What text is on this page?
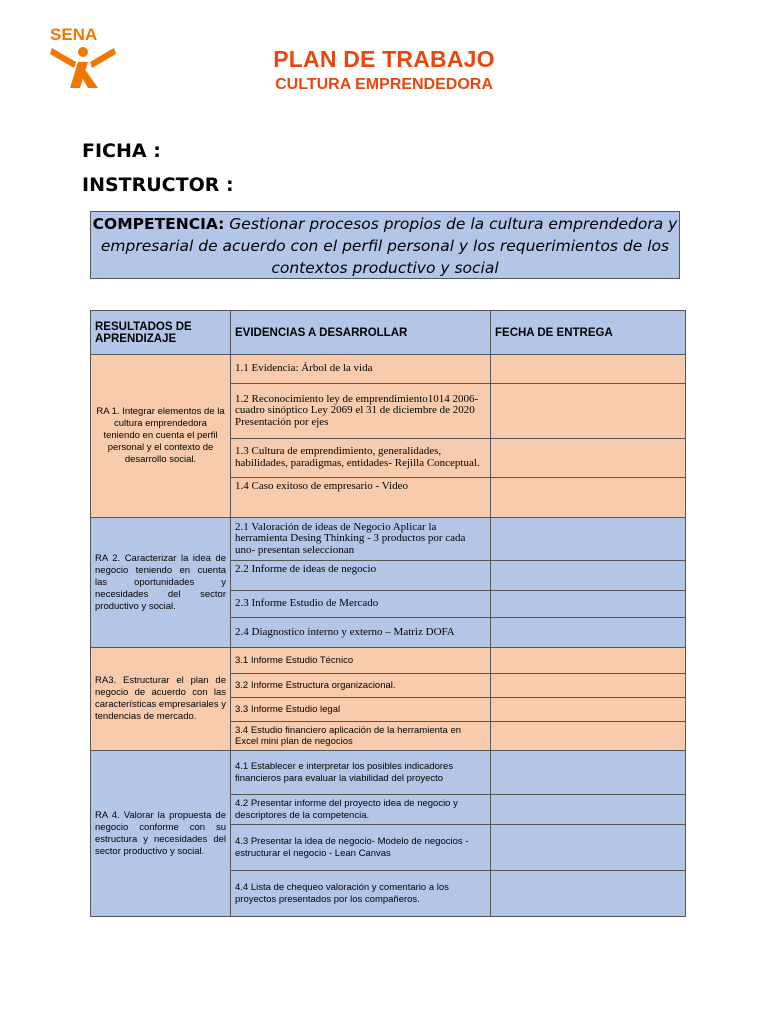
SENA
PLAN DE TRABAJO
CULTURA EMPRENDEDORA
FICHA :
INSTRUCTOR :
COMPETENCIA: Gestionar procesos propios de la cultura emprendedora y empresarial de acuerdo con el perfil personal y los requerimientos de los contextos productivo y social
RESULTADOS DE APRENDIZAJE	EVIDENCIAS A DESARROLLAR	FECHA DE ENTREGA
RA 1. Integrar elementos de la cultura emprendedora teniendo en cuenta el perfil personal y el contexto de desarrollo social.	1.1 Evidencia: Árbol de la vida	
	1.2 Reconocimiento ley de emprendimiento1014 2006- cuadro sinóptico Ley 2069 el 31 de diciembre de 2020 Presentación por ejes	
	1.3 Cultura de emprendimiento, generalidades, habilidades, paradigmas, entidades- Rejilla Conceptual.	
	1.4 Caso exitoso de empresario - Video	
RA 2. Caracterizar la idea de negocio teniendo en cuenta las oportunidades y necesidades del sector productivo y social.	2.1 Valoración de ideas de Negocio Aplicar la herramienta Desing Thinking - 3 productos por cada uno- presentan seleccionan	
	2.2 Informe de ideas de negocio	
	2.3 Informe Estudio de Mercado	
	2.4 Diagnostico interno y externo – Matriz DOFA	
RA3. Estructurar el plan de negocio de acuerdo con las características empresariales y tendencias de mercado.	3.1 Informe Estudio Técnico	
	3.2 Informe Estructura organizacional.	
	3.3 Informe Estudio legal	
	3.4 Estudio financiero aplicación de la herramienta en Excel mini plan de negocios	
RA 4. Valorar la propuesta de negocio conforme con su estructura y necesidades del sector productivo y social.	4.1 Establecer e interpretar los posibles indicadores financieros para evaluar la viabilidad del proyecto	
	4.2 Presentar informe del proyecto idea de negocio y descriptores de la competencia.	
	4.3 Presentar la idea de negocio- Modelo de negocios - estructurar el negocio - Lean Canvas	
	4.4 Lista de chequeo valoración y comentario a los proyectos presentados por los compañeros.	
